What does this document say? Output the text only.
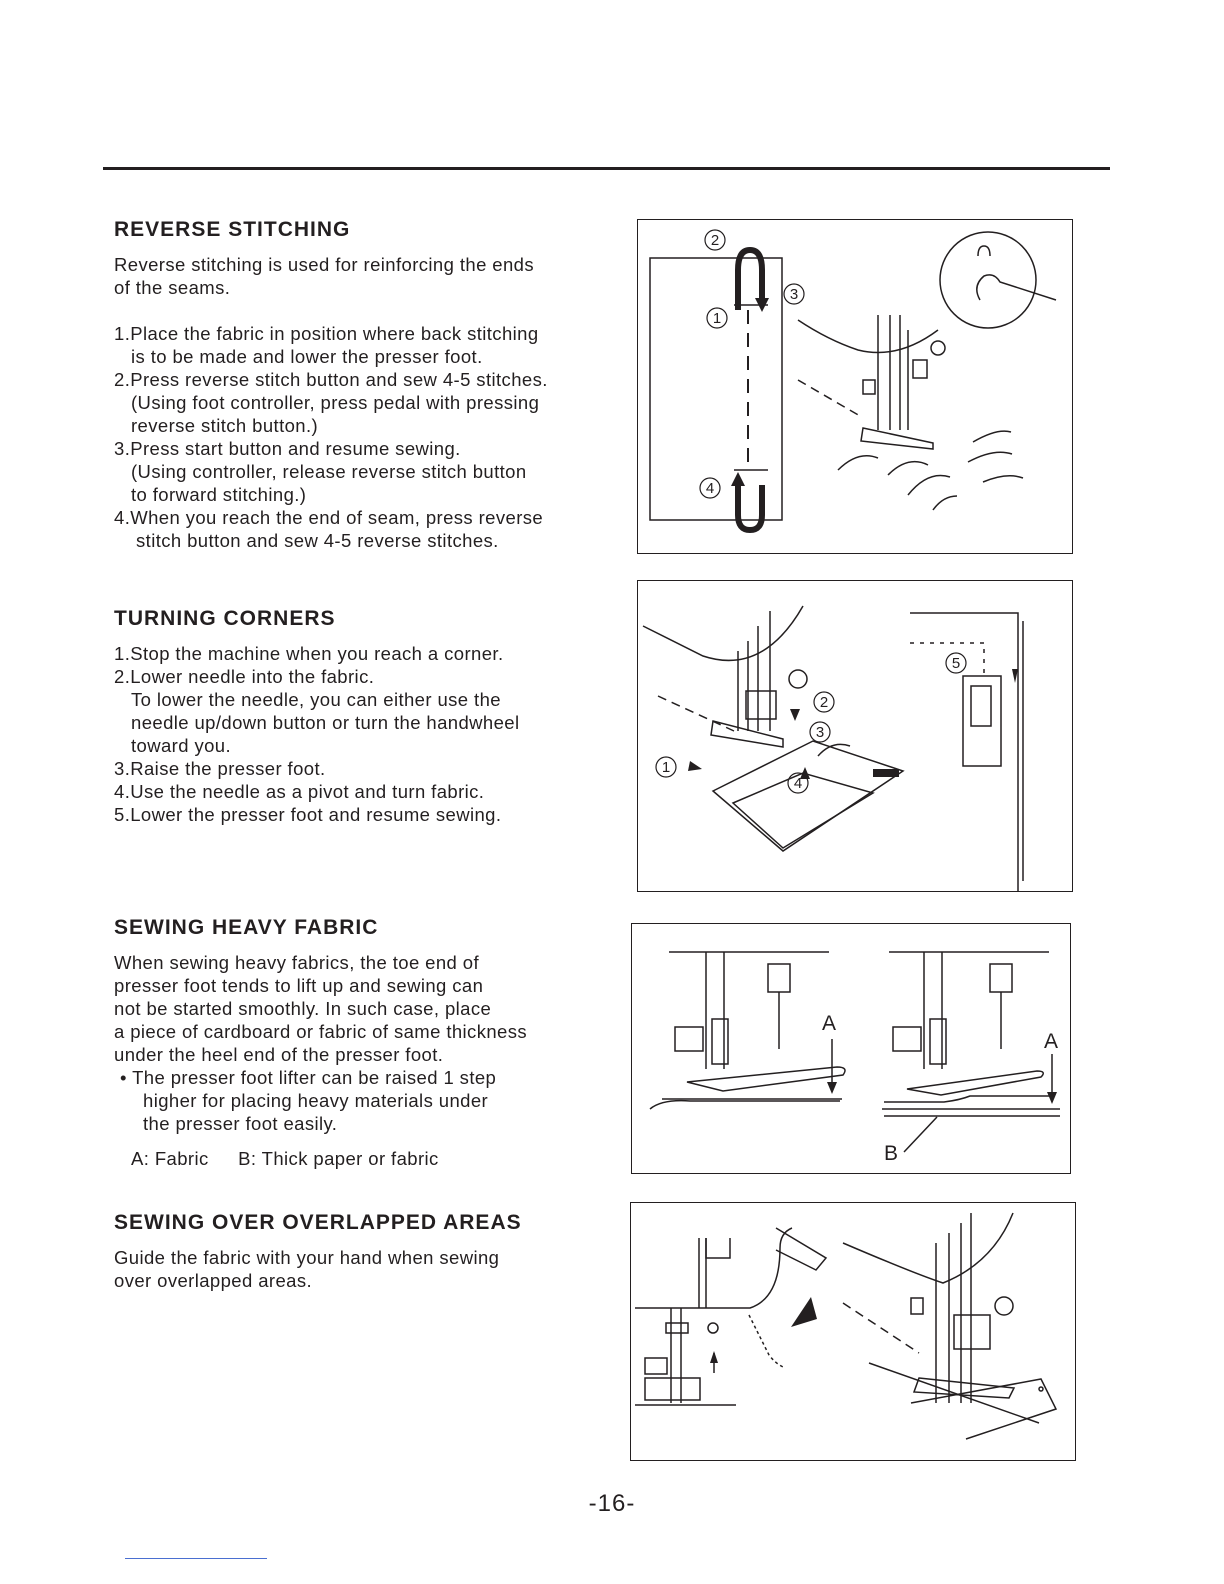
REVERSE STITCHING

Reverse stitching is used for reinforcing the ends

of the seams.

1.Place the fabric in position where back stitching
is to be made and lower the presser foot.
2.Press reverse stitch button and sew 4-5 stitches.
(Using foot controller, press pedal with pressing
reverse stitch button.)
3.Press start button and resume sewing.
(Using controller, release reverse stitch button
to forward stitching.)
4.When you reach the end of seam, press reverse
stitch button and sew 4-5 reverse stitches.
TURNING CORNERS
1.Stop the machine when you reach a corner.
2.Lower needle into the fabric.
To lower the needle, you can either use the
needle up/down button or turn the handwheel
toward you.
3.Raise the presser foot.
4.Use the needle as a pivot and turn fabric.
5.Lower the presser foot and resume sewing.
SEWING HEAVY FABRIC

When sewing heavy fabrics, the toe end of

presser foot tends to lift up and sewing can

not be started smoothly. In such case, place

a piece of cardboard or fabric of same thickness

under the heel end of the presser foot.

• The presser foot lifter can be raised 1 step
higher for placing heavy materials under
the presser foot easily.
A: Fabric B: Thick paper or fabric
SEWING OVER OVERLAPPED AREAS

Guide the fabric with your hand when sewing

over overlapped areas.

2
1
3
4
5
2
3
4
1
A
A
B
-16-
